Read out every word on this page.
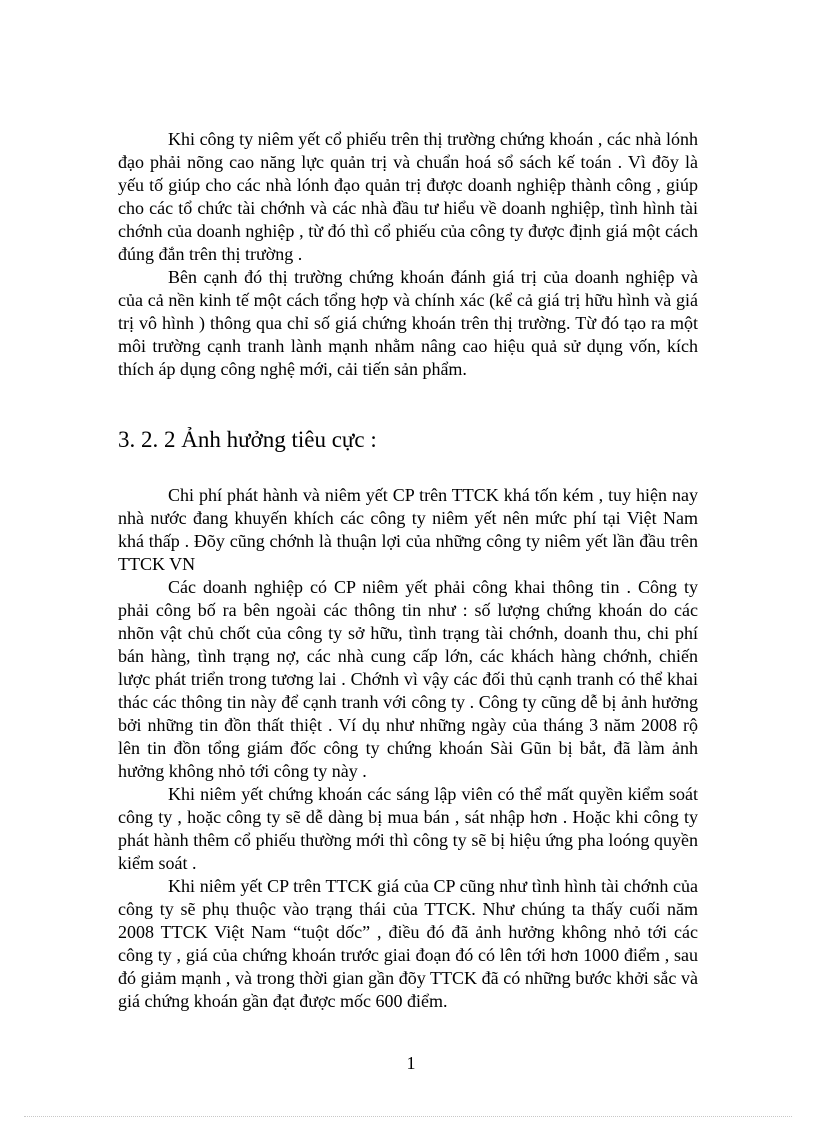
Khi công ty niêm yết cổ phiếu trên thị trường chứng khoán , các nhà lónh đạo phải nõng cao năng lực quản trị và chuẩn hoá sổ sách kế toán . Vì đõy là yếu tố giúp cho các nhà lónh đạo quản trị được doanh nghiệp thành công , giúp cho các tổ chức tài chớnh và các nhà đầu tư hiểu về doanh nghiệp, tình hình tài chớnh của doanh nghiệp , từ đó thì cổ phiếu của công ty được định giá một cách đúng đắn trên thị trường .

Bên cạnh đó thị trường chứng khoán đánh giá trị của doanh nghiệp và của cả nền kinh tế một cách tổng hợp và chính xác (kể cả giá trị hữu hình và giá trị vô hình ) thông qua chỉ số giá chứng khoán trên thị trường. Từ đó tạo ra một môi trường cạnh tranh lành mạnh nhằm nâng cao hiệu quả sử dụng vốn, kích thích áp dụng công nghệ mới, cải tiến sản phẩm.

3. 2. 2 Ảnh hưởng tiêu cực :

Chi phí phát hành và niêm yết CP trên TTCK khá tốn kém , tuy hiện nay nhà nước đang khuyến khích các công ty niêm yết nên mức phí tại Việt Nam khá thấp . Đõy cũng chớnh là thuận lợi của những công ty niêm yết lần đầu trên TTCK VN

Các doanh nghiệp có CP niêm yết phải công khai thông tin . Công ty phải công bố ra bên ngoài các thông tin như : số lượng chứng khoán do các nhõn vật chủ chốt của công ty sở hữu, tình trạng tài chớnh, doanh thu, chi phí bán hàng, tình trạng nợ, các nhà cung cấp lớn, các khách hàng chớnh, chiến lược phát triển trong tương lai . Chớnh vì vậy các đối thủ cạnh tranh có thể khai thác các thông tin này để cạnh tranh với công ty . Công ty cũng dễ bị ảnh hưởng bởi những tin đồn thất thiệt . Ví dụ như những ngày của tháng 3 năm 2008 rộ lên tin đồn tổng giám đốc công ty chứng khoán Sài Gũn bị bắt, đã làm ảnh hưởng không nhỏ tới công ty này .

Khi niêm yết chứng khoán các sáng lập viên có thể mất quyền kiểm soát công ty , hoặc công ty sẽ dễ dàng bị mua bán , sát nhập hơn . Hoặc khi công ty phát hành thêm cổ phiếu thường mới thì công ty sẽ bị hiệu ứng pha loóng quyền kiểm soát .

Khi niêm yết CP trên TTCK giá của CP cũng như tình hình tài chớnh của công ty sẽ phụ thuộc vào trạng thái của TTCK. Như chúng ta thấy cuối năm 2008 TTCK Việt Nam “tuột dốc” , điều đó đã ảnh hưởng không nhỏ tới các công ty , giá của chứng khoán trước giai đoạn đó có lên tới hơn 1000 điểm , sau đó giảm mạnh , và trong thời gian gần đõy TTCK đã có những bước khởi sắc và giá chứng khoán gần đạt được mốc 600 điểm.

1
